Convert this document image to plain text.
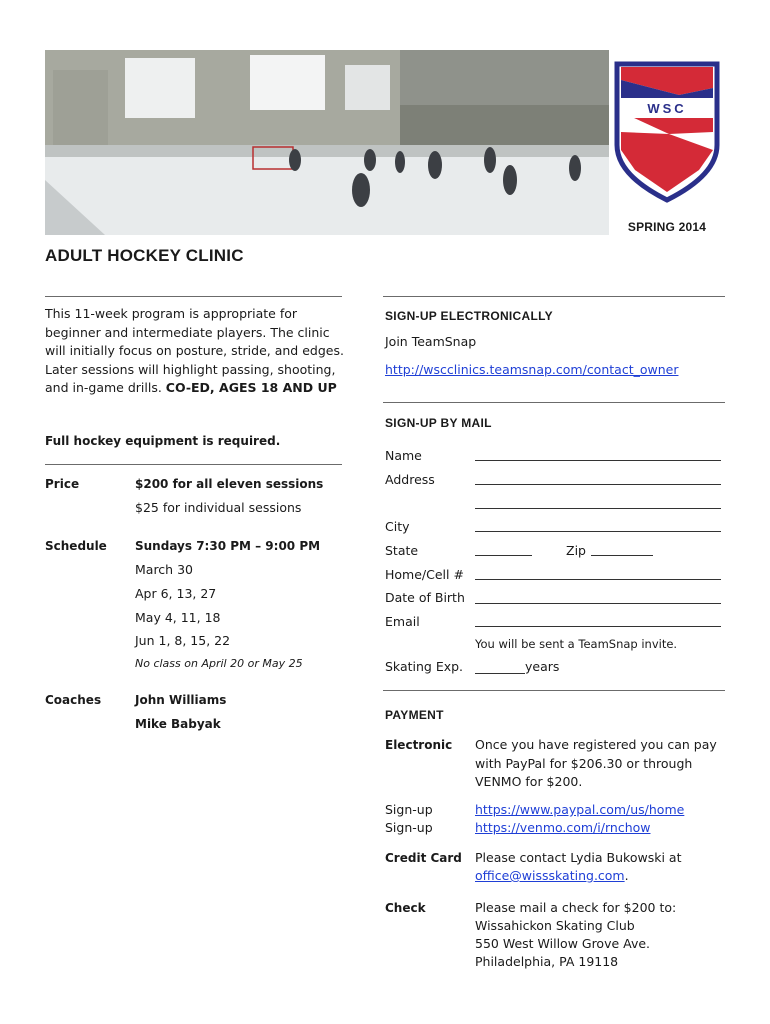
WSC
SPRING 2014
ADULT HOCKEY CLINIC
This 11-week program is appropriate for beginner and intermediate players. The clinic will initially focus on posture, stride, and edges. Later sessions will highlight passing, shooting, and in-game drills. CO-ED, AGES 18 AND UP
Full hockey equipment is required.
Price	$200 for all eleven sessions
$25 for individual sessions
Schedule Sundays 7:30 PM – 9:00 PM
March 30
Apr 6, 13, 27
May 4, 11, 18
Jun 1, 8, 15, 22
No class on April 20 or May 25
Coaches	John Williams
Mike Babyak
SIGN-UP ELECTRONICALLY
Join TeamSnap
http://wscclinics.teamsnap.com/contact_owner
SIGN-UP BY MAIL
Name
Address
City
State	Zip
Home/Cell #
Date of Birth
Email
You will be sent a TeamSnap invite.
Skating Exp.	years
PAYMENT
Electronic Once you have registered you can pay with PayPal for $206.30 or through VENMO for $200.
Sign-up	https://www.paypal.com/us/home
Sign-up	https://venmo.com/i/rnchow
Credit Card Please contact Lydia Bukowski at
office@wissskating.com.
Check	Please mail a check for $200 to:
Wissahickon Skating Club
550 West Willow Grove Ave.
Philadelphia, PA 19118
